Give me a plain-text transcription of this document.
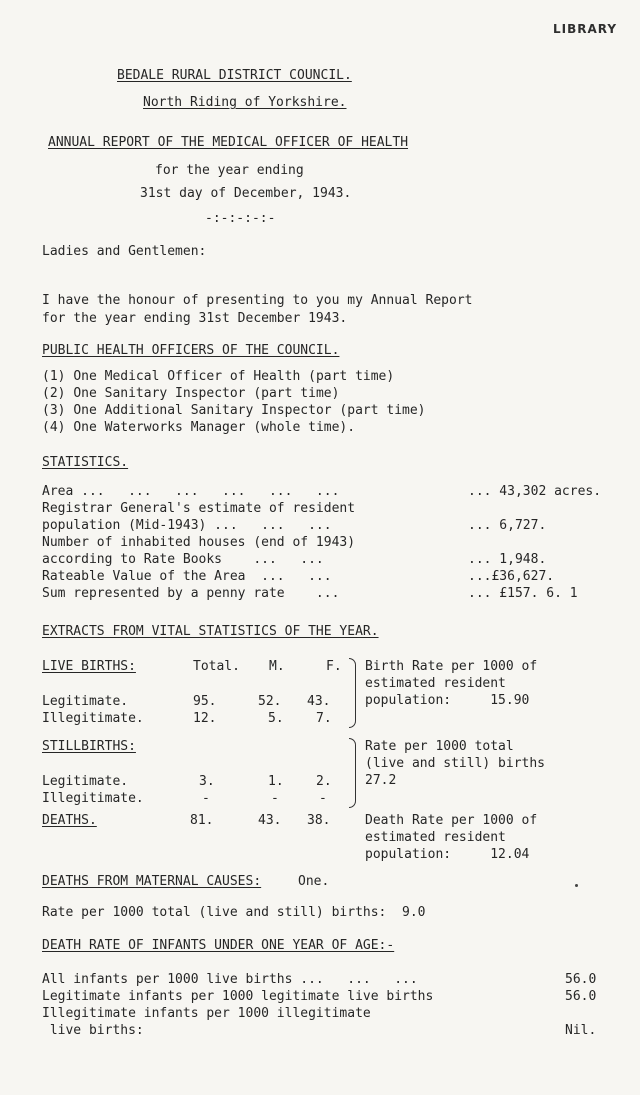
LIBRARY
BEDALE RURAL DISTRICT COUNCIL.
North Riding of Yorkshire.
ANNUAL REPORT OF THE MEDICAL OFFICER OF HEALTH
for the year ending
31st day of December, 1943.
-:-:-:-:-
Ladies and Gentlemen:
I have the honour of presenting to you my Annual Report
for the year ending 31st December 1943.
PUBLIC HEALTH OFFICERS OF THE COUNCIL.
(1) One Medical Officer of Health (part time)
(2) One Sanitary Inspector (part time)
(3) One Additional Sanitary Inspector (part time)
(4) One Waterworks Manager (whole time).
STATISTICS.
Area ...   ...   ...   ...   ...   ...	... 43,302 acres.
Registrar General's estimate of resident
population (Mid-1943) ...   ...   ...	... 6,727.
Number of inhabited houses (end of 1943)
according to Rate Books    ...   ...	... 1,948.
Rateable Value of the Area  ...   ...	...£36,627.
Sum represented by a penny rate    ...	... £157. 6. 1
EXTRACTS FROM VITAL STATISTICS OF THE YEAR.
LIVE BIRTHS:	Total. M.	F.
Legitimate.	95.	52. 43.
Illegitimate.	12.	5. 7.
Birth Rate per 1000 of
estimated resident
population:     15.90
STILLBIRTHS:
Legitimate.	3.	1. 2.
Illegitimate.	-	-	-
Rate per 1000 total
(live and still) births
27.2
DEATHS.	81.	43. 38.	Death Rate per 1000 of
estimated resident
population:     12.04
DEATHS FROM MATERNAL CAUSES:	One.
Rate per 1000 total (live and still) births:  9.0
DEATH RATE OF INFANTS UNDER ONE YEAR OF AGE:-
All infants per 1000 live births ...   ...   ...	56.0
Legitimate infants per 1000 legitimate live births	56.0
Illegitimate infants per 1000 illegitimate
live births:	Nil.
